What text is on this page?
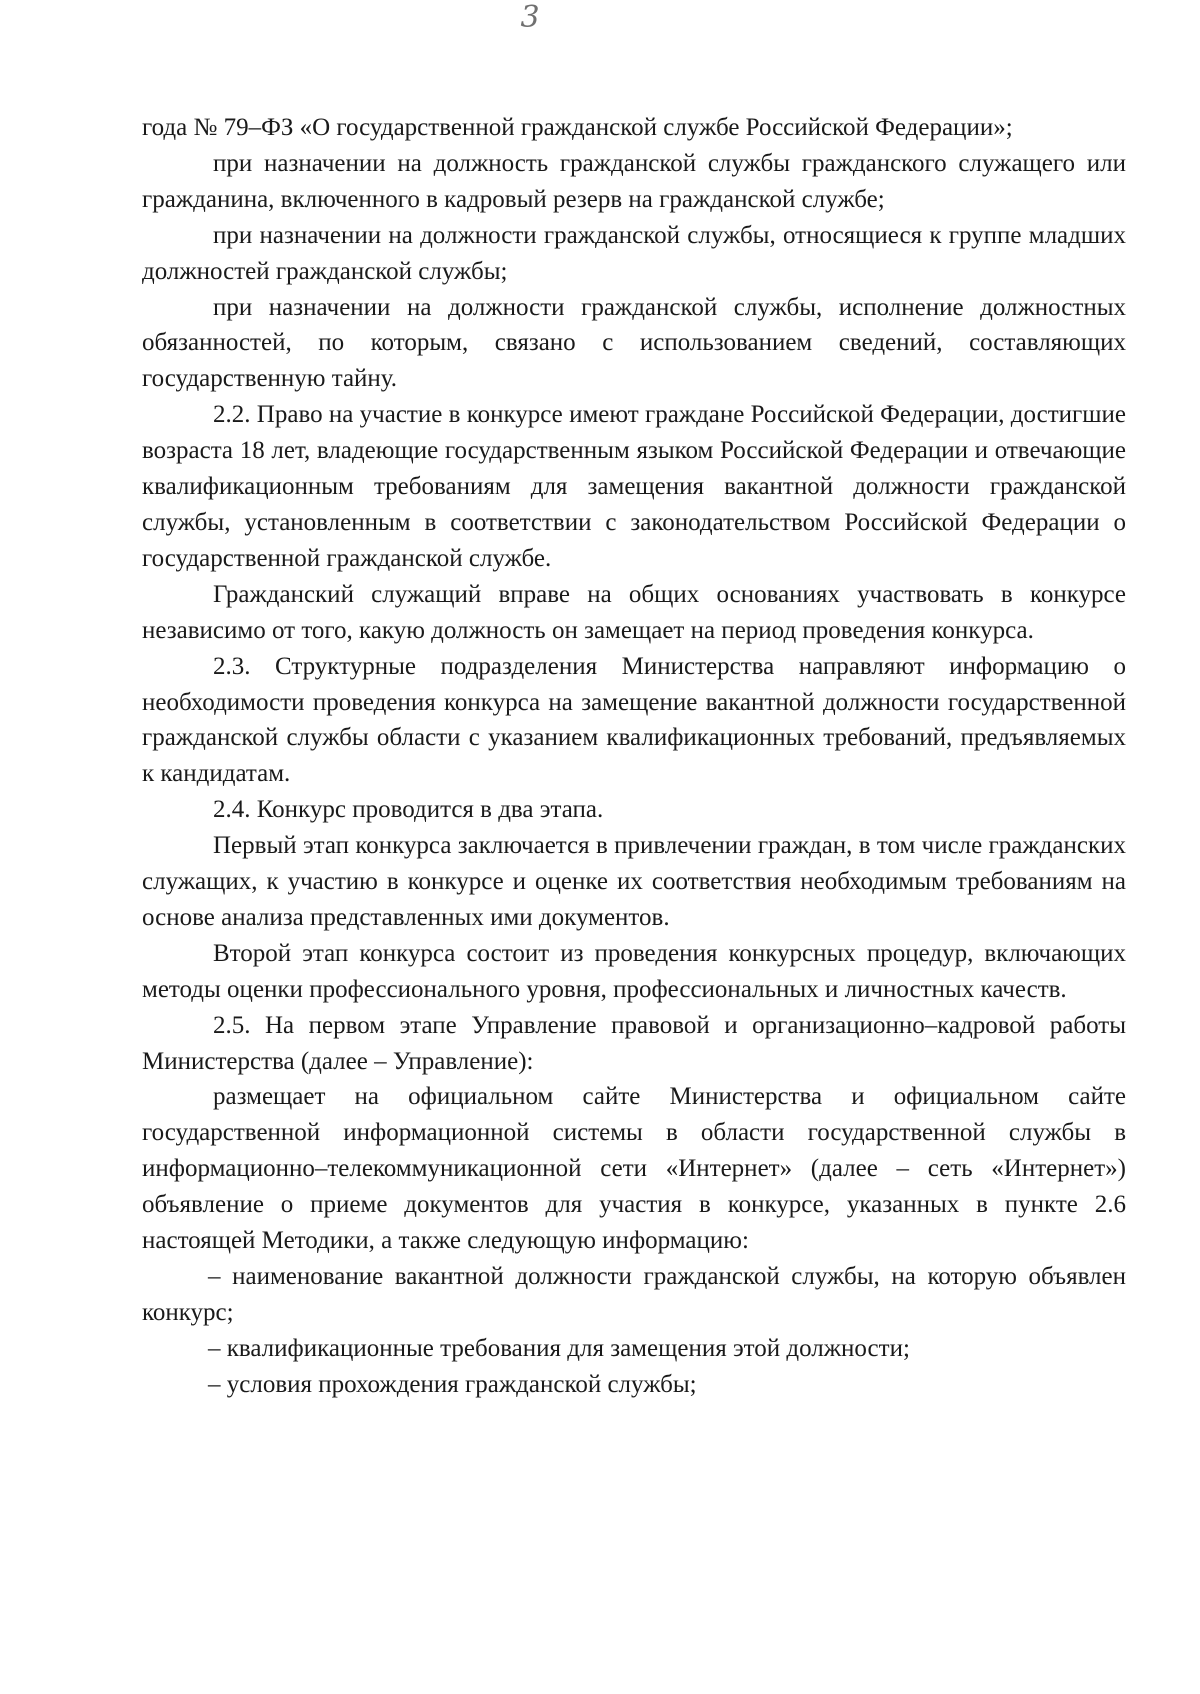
3

года № 79–ФЗ «О государственной гражданской службе Российской Федерации»;

при назначении на должность гражданской службы гражданского служащего или гражданина, включенного в кадровый резерв на гражданской службе;

при назначении на должности гражданской службы, относящиеся к группе младших должностей гражданской службы;

при назначении на должности гражданской службы, исполнение должностных обязанностей, по которым, связано с использованием сведений, составляющих государственную тайну.

2.2. Право на участие в конкурсе имеют граждане Российской Федерации, достигшие возраста 18 лет, владеющие государственным языком Российской Федерации и отвечающие квалификационным требованиям для замещения вакантной должности гражданской службы, установленным в соответствии с законодательством Российской Федерации о государственной гражданской службе.

Гражданский служащий вправе на общих основаниях участвовать в конкурсе независимо от того, какую должность он замещает на период проведения конкурса.

2.3. Структурные подразделения Министерства направляют информацию о необходимости проведения конкурса на замещение вакантной должности государственной гражданской службы области с указанием квалификационных требований, предъявляемых к кандидатам.

2.4. Конкурс проводится в два этапа.

Первый этап конкурса заключается в привлечении граждан, в том числе гражданских служащих, к участию в конкурсе и оценке их соответствия необходимым требованиям на основе анализа представленных ими документов.

Второй этап конкурса состоит из проведения конкурсных процедур, включающих методы оценки профессионального уровня, профессиональных и личностных качеств.

2.5. На первом этапе Управление правовой и организационно–кадровой работы Министерства (далее – Управление):

размещает на официальном сайте Министерства и официальном сайте государственной информационной системы в области государственной службы в информационно–телекоммуникационной сети «Интернет» (далее – сеть «Интернет») объявление о приеме документов для участия в конкурсе, указанных в пункте 2.6 настоящей Методики, а также следующую информацию:

– наименование вакантной должности гражданской службы, на которую объявлен конкурс;

– квалификационные требования для замещения этой должности;

– условия прохождения гражданской службы;
